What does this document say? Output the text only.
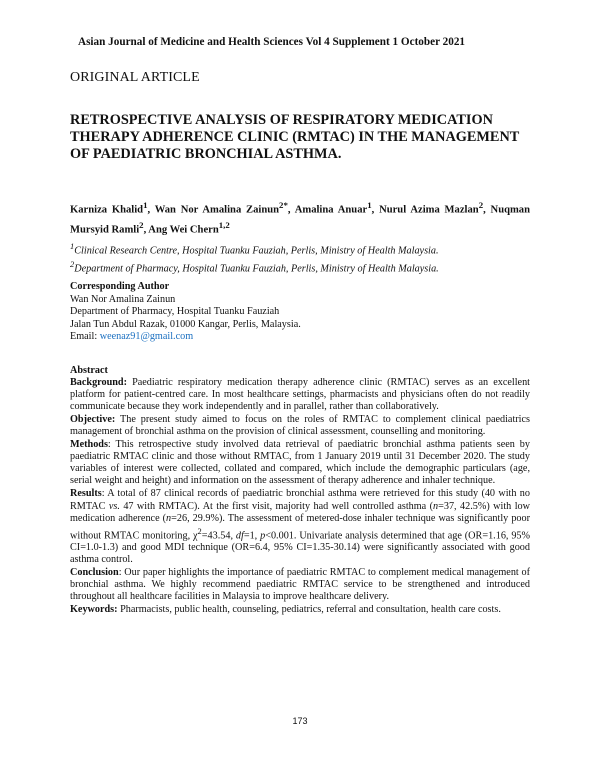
Asian Journal of Medicine and Health Sciences Vol 4 Supplement 1 October 2021
ORIGINAL ARTICLE
RETROSPECTIVE ANALYSIS OF RESPIRATORY MEDICATION THERAPY ADHERENCE CLINIC (RMTAC) IN THE MANAGEMENT OF PAEDIATRIC BRONCHIAL ASTHMA.
Karniza Khalid$^1$, Wan Nor Amalina Zainun$^{2*}$, Amalina Anuar$^1$, Nurul Azima Mazlan$^2$, Nuqman Mursyid Ramli$^2$, Ang Wei Chern$^{1,2}$
$^1$Clinical Research Centre, Hospital Tuanku Fauziah, Perlis, Ministry of Health Malaysia.
$^2$Department of Pharmacy, Hospital Tuanku Fauziah, Perlis, Ministry of Health Malaysia.
Corresponding Author
Wan Nor Amalina Zainun
Department of Pharmacy, Hospital Tuanku Fauziah
Jalan Tun Abdul Razak, 01000 Kangar, Perlis, Malaysia.
Email: weenaz91@gmail.com
Abstract

Background: Paediatric respiratory medication therapy adherence clinic (RMTAC) serves as an excellent platform for patient-centred care. In most healthcare settings, pharmacists and physicians often do not readily communicate because they work independently and in parallel, rather than collaboratively.

Objective: The present study aimed to focus on the roles of RMTAC to complement clinical paediatrics management of bronchial asthma on the provision of clinical assessment, counselling and monitoring.

Methods: This retrospective study involved data retrieval of paediatric bronchial asthma patients seen by paediatric RMTAC clinic and those without RMTAC, from 1 January 2019 until 31 December 2020. The study variables of interest were collected, collated and compared, which include the demographic particulars (age, serial weight and height) and information on the assessment of therapy adherence and inhaler technique.

Results: A total of 87 clinical records of paediatric bronchial asthma were retrieved for this study (40 with no RMTAC vs. 47 with RMTAC). At the first visit, majority had well controlled asthma (n=37, 42.5%) with low medication adherence (n=26, 29.9%). The assessment of metered-dose inhaler technique was significantly poor without RMTAC monitoring, $\chi^2=43.54$, df=1, p<0.001. Univariate analysis determined that age (OR=1.16, 95% CI=1.0-1.3) and good MDI technique (OR=6.4, 95% CI=1.35-30.14) were significantly associated with good asthma control.

Conclusion: Our paper highlights the importance of paediatric RMTAC to complement medical management of bronchial asthma. We highly recommend paediatric RMTAC service to be strengthened and introduced throughout all healthcare facilities in Malaysia to improve healthcare delivery.

Keywords: Pharmacists, public health, counseling, pediatrics, referral and consultation, health care costs.

173
